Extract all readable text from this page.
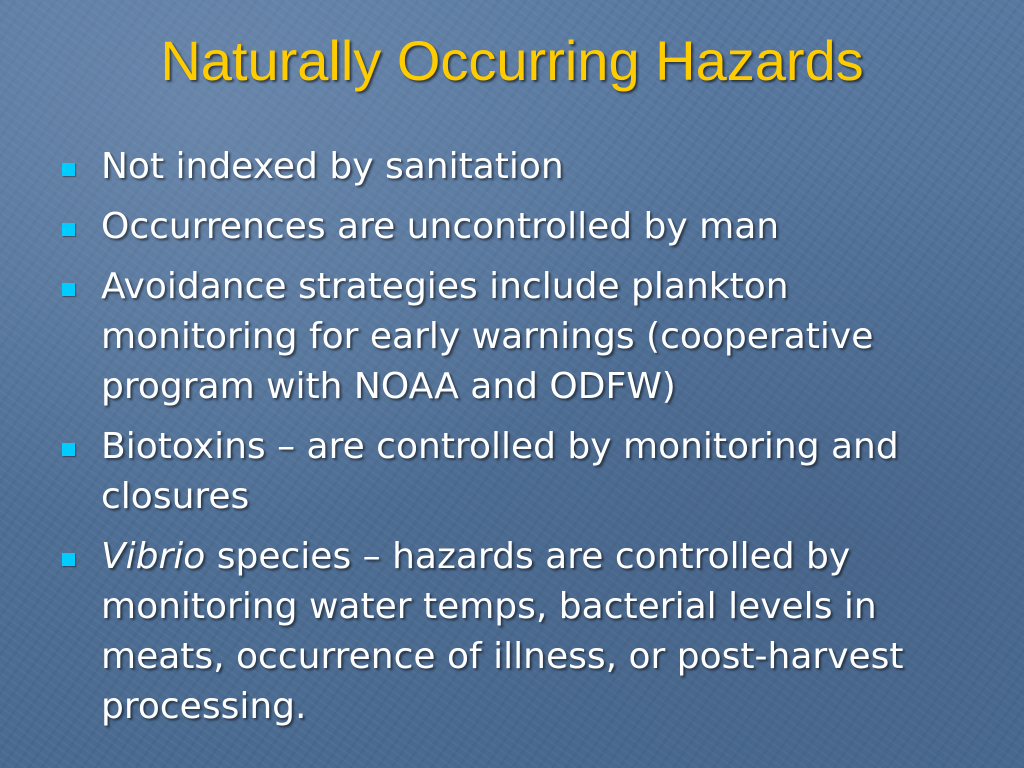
Naturally Occurring Hazards
Not indexed by sanitation
Occurrences are uncontrolled by man
Avoidance strategies include plankton monitoring for early warnings (cooperative program with NOAA and ODFW)
Biotoxins – are controlled by monitoring and closures
Vibrio species – hazards are controlled by monitoring water temps, bacterial levels in meats, occurrence of illness, or post-harvest processing.
